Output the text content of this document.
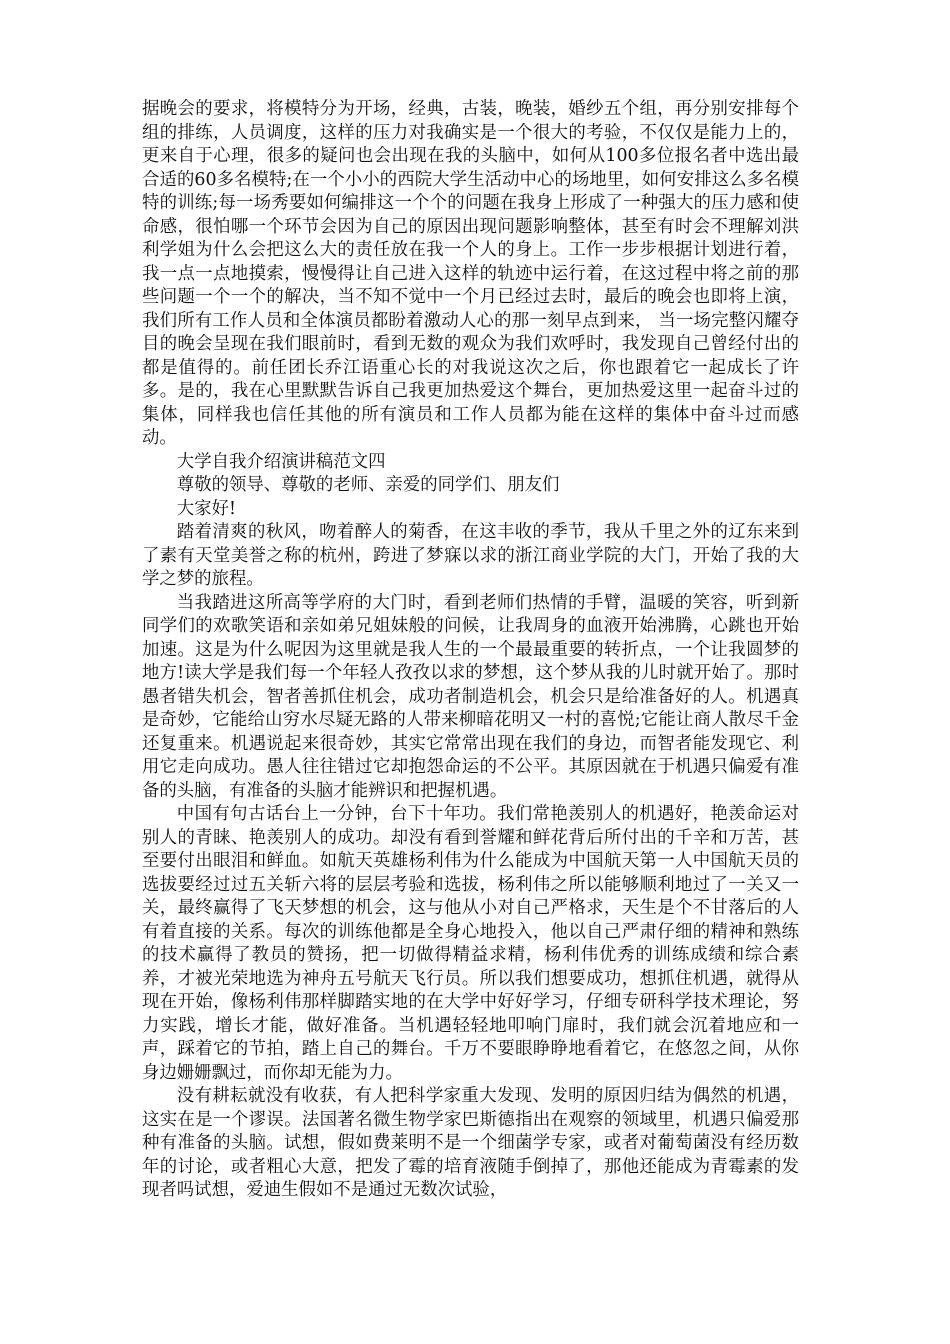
据晚会的要求，将模特分为开场，经典，古装，晚装，婚纱五个组，再分别安排每个组的排练，人员调度，这样的压力对我确实是一个很大的考验，不仅仅是能力上的，更来自于心理，很多的疑问也会出现在我的头脑中，如何从100多位报名者中选出最合适的60多名模特;在一个小小的西院大学生活动中心的场地里，如何安排这么多名模特的训练;每一场秀要如何编排这一个个的问题在我身上形成了一种强大的压力感和使命感，很怕哪一个环节会因为自己的原因出现问题影响整体，甚至有时会不理解刘洪利学姐为什么会把这么大的责任放在我一个人的身上。工作一步步根据计划进行着，我一点一点地摸索，慢慢得让自己进入这样的轨迹中运行着，在这过程中将之前的那些问题一个一个的解决，当不知不觉中一个月已经过去时，最后的晚会也即将上演，我们所有工作人员和全体演员都盼着激动人心的那一刻早点到来， 当一场完整闪耀夺目的晚会呈现在我们眼前时，看到无数的观众为我们欢呼时，我发现自己曾经付出的都是值得的。前任团长乔江语重心长的对我说这次之后，你也跟着它一起成长了许多。是的，我在心里默默告诉自己我更加热爱这个舞台，更加热爱这里一起奋斗过的集体，同样我也信任其他的所有演员和工作人员都为能在这样的集体中奋斗过而感动。

大学自我介绍演讲稿范文四

尊敬的领导、尊敬的老师、亲爱的同学们、朋友们

大家好!

踏着清爽的秋风，吻着醉人的菊香，在这丰收的季节，我从千里之外的辽东来到了素有天堂美誉之称的杭州，跨进了梦寐以求的浙江商业学院的大门，开始了我的大学之梦的旅程。

当我踏进这所高等学府的大门时，看到老师们热情的手臂，温暖的笑容，听到新同学们的欢歌笑语和亲如弟兄姐妹般的问候，让我周身的血液开始沸腾，心跳也开始加速。这是为什么呢因为这里就是我人生的一个最最重要的转折点，一个让我圆梦的地方!读大学是我们每一个年轻人孜孜以求的梦想，这个梦从我的儿时就开始了。那时愚者错失机会，智者善抓住机会，成功者制造机会，机会只是给准备好的人。机遇真是奇妙，它能给山穷水尽疑无路的人带来柳暗花明又一村的喜悦;它能让商人散尽千金还复重来。机遇说起来很奇妙，其实它常常出现在我们的身边，而智者能发现它、利用它走向成功。愚人往往错过它却抱怨命运的不公平。其原因就在于机遇只偏爱有准备的头脑，有准备的头脑才能辨识和把握机遇。

中国有句古话台上一分钟，台下十年功。我们常艳羡别人的机遇好，艳羡命运对别人的青睐、艳羡别人的成功。却没有看到誉耀和鲜花背后所付出的千辛和万苦，甚至要付出眼泪和鲜血。如航天英雄杨利伟为什么能成为中国航天第一人中国航天员的选拔要经过过五关斩六将的层层考验和选拔，杨利伟之所以能够顺利地过了一关又一关，最终赢得了飞天梦想的机会，这与他从小对自己严格求，天生是个不甘落后的人有着直接的关系。每次的训练他都是全身心地投入，他以自己严肃仔细的精神和熟练的技术赢得了教员的赞扬，把一切做得精益求精，杨利伟优秀的训练成绩和综合素养，才被光荣地选为神舟五号航天飞行员。所以我们想要成功，想抓住机遇，就得从现在开始，像杨利伟那样脚踏实地的在大学中好好学习，仔细专研科学技术理论，努力实践，增长才能，做好准备。当机遇轻轻地叩响门扉时，我们就会沉着地应和一声，踩着它的节拍，踏上自己的舞台。千万不要眼睁睁地看着它，在悠忽之间，从你身边姗姗飘过，而你却无能为力。

没有耕耘就没有收获，有人把科学家重大发现、发明的原因归结为偶然的机遇，这实在是一个谬误。法国著名微生物学家巴斯德指出在观察的领域里，机遇只偏爱那种有准备的头脑。试想，假如费莱明不是一个细菌学专家，或者对葡萄菌没有经历数年的讨论，或者粗心大意，把发了霉的培育液随手倒掉了，那他还能成为青霉素的发现者吗试想，爱迪生假如不是通过无数次试验，
